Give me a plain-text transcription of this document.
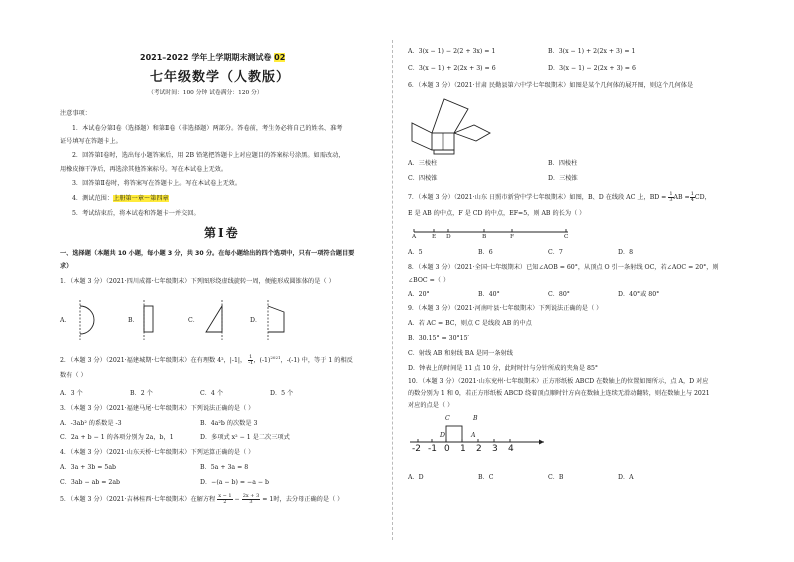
2021–2022 学年上学期期末测试卷 02
七年级数学（人教版）
（考试时间：100 分钟 试卷满分：120 分）
注意事项：
1．本试卷分第Ⅰ卷（选择题）和第Ⅱ卷（非选择题）两部分。答卷前，考生务必将自己的姓名、准考
证号填写在答题卡上。
2．回答第Ⅰ卷时，选出每小题答案后，用 2B 铅笔把答题卡上对应题目的答案标号涂黑。如需改动，
用橡皮擦干净后，再选涂其他答案标号。写在本试卷上无效。
3．回答第Ⅱ卷时，将答案写在答题卡上。写在本试卷上无效。
4．测试范围：上册第一章～第四章
5．考试结束后，将本试卷和答题卡一并交回。
第Ⅰ卷
一、选择题（本题共 10 小题，每小题 3 分，共 30 分。在每小题给出的四个选项中，只有一项符合题目要
求）
1．（本题 3 分）（2021·四川成都·七年级期末）下列图形绕虚线旋转一周，便能形成圆锥体的是（ ）
A．	B．	C．	D．
2．（本题 3 分）（2021·福建城期·七年级期末）在有理数 4²，|-1|， $\frac{1}{-1}$ ，$(-1)^{2021}$，-(-1) 中，等于 1 的相反
数有（ ）
A．3 个	B．2 个	C．4 个	D．5 个
3．（本题 3 分）（2021·福建马尾·七年级期末）下列说法正确的是（ ）
A．-3ab² 的系数是 -3	B．4a²b 的次数是 3
C．2a + b − 1 的各项分别为 2a，b，1	D．多项式 x² − 1 是二次三项式
4．（本题 3 分）（2021·山东天桥·七年级期末）下列运算正确的是（ ）
A．3a + 3b = 5ab	B．5a + 3a = 8
C．3ab − ab = 2ab	D．−(a − b) = −a − b
5．（本题 3 分）（2021·吉林桂西·七年级期末）在解方程 $\frac{x - 1}{2} - \frac{2x + 3}{3} = 1$时，去分母正确的是（ ）
A．3(x − 1) − 2(2 + 3x) = 1	B．3(x − 1) + 2(2x + 3) = 1
C．3(x − 1) + 2(2x + 3) = 6	D．3(x − 1) − 2(2x + 3) = 6
6．（本题 3 分）（2021·甘肃 民勤县第六中学七年级期末）如图是某个几何体的展开图，则这个几何体是
A．三棱柱	B．四棱柱
C．四棱锥	D．三棱锥
7．（本题 3 分）（2021·山东 日照市新营中学七年级期末）如图，B、D 在线段 AC 上，BD = $\frac{1}{3}$ AB = $\frac{1}{4}$ CD，
E 是 AB 的中点，F 是 CD 的中点，EF=5，则 AB 的长为（ ）
A	E D	B	F	C
A．5	B．6	C．7	D．8
8．（本题 3 分）（2021·全国·七年级期末）已知∠AOB = 60°，从顶点 O 引一条射线 OC，若∠AOC = 20°，则
∠BOC =（ ）
A．20°	B．40°	C．80°	D．40°或 80°
9．（本题 3 分）（2021·河南叶县·七年级期末）下列说法正确的是（ ）
A．若 AC = BC，则点 C 是线段 AB 的中点
B．30.15° = 30°15′
C．射线 AB 和射线 BA 是同一条射线
D．钟表上的时间是 11 点 10 分，此时时针与分针所成的夹角是 85°
10．（本题 3 分）（2021·山东兖州·七年级期末）正方形纸板 ABCD 在数轴上的位置如图所示，点 A，D 对应
的数分别为 1 和 0，若正方形纸板 ABCD 绕着顶点顺时针方向在数轴上连续无滑动翻转，则在数轴上与 2021
对应的点是（ ）
C	B
D	A
-2 -1 0 1 2 3 4
A．D	B．C	C．B	D．A
